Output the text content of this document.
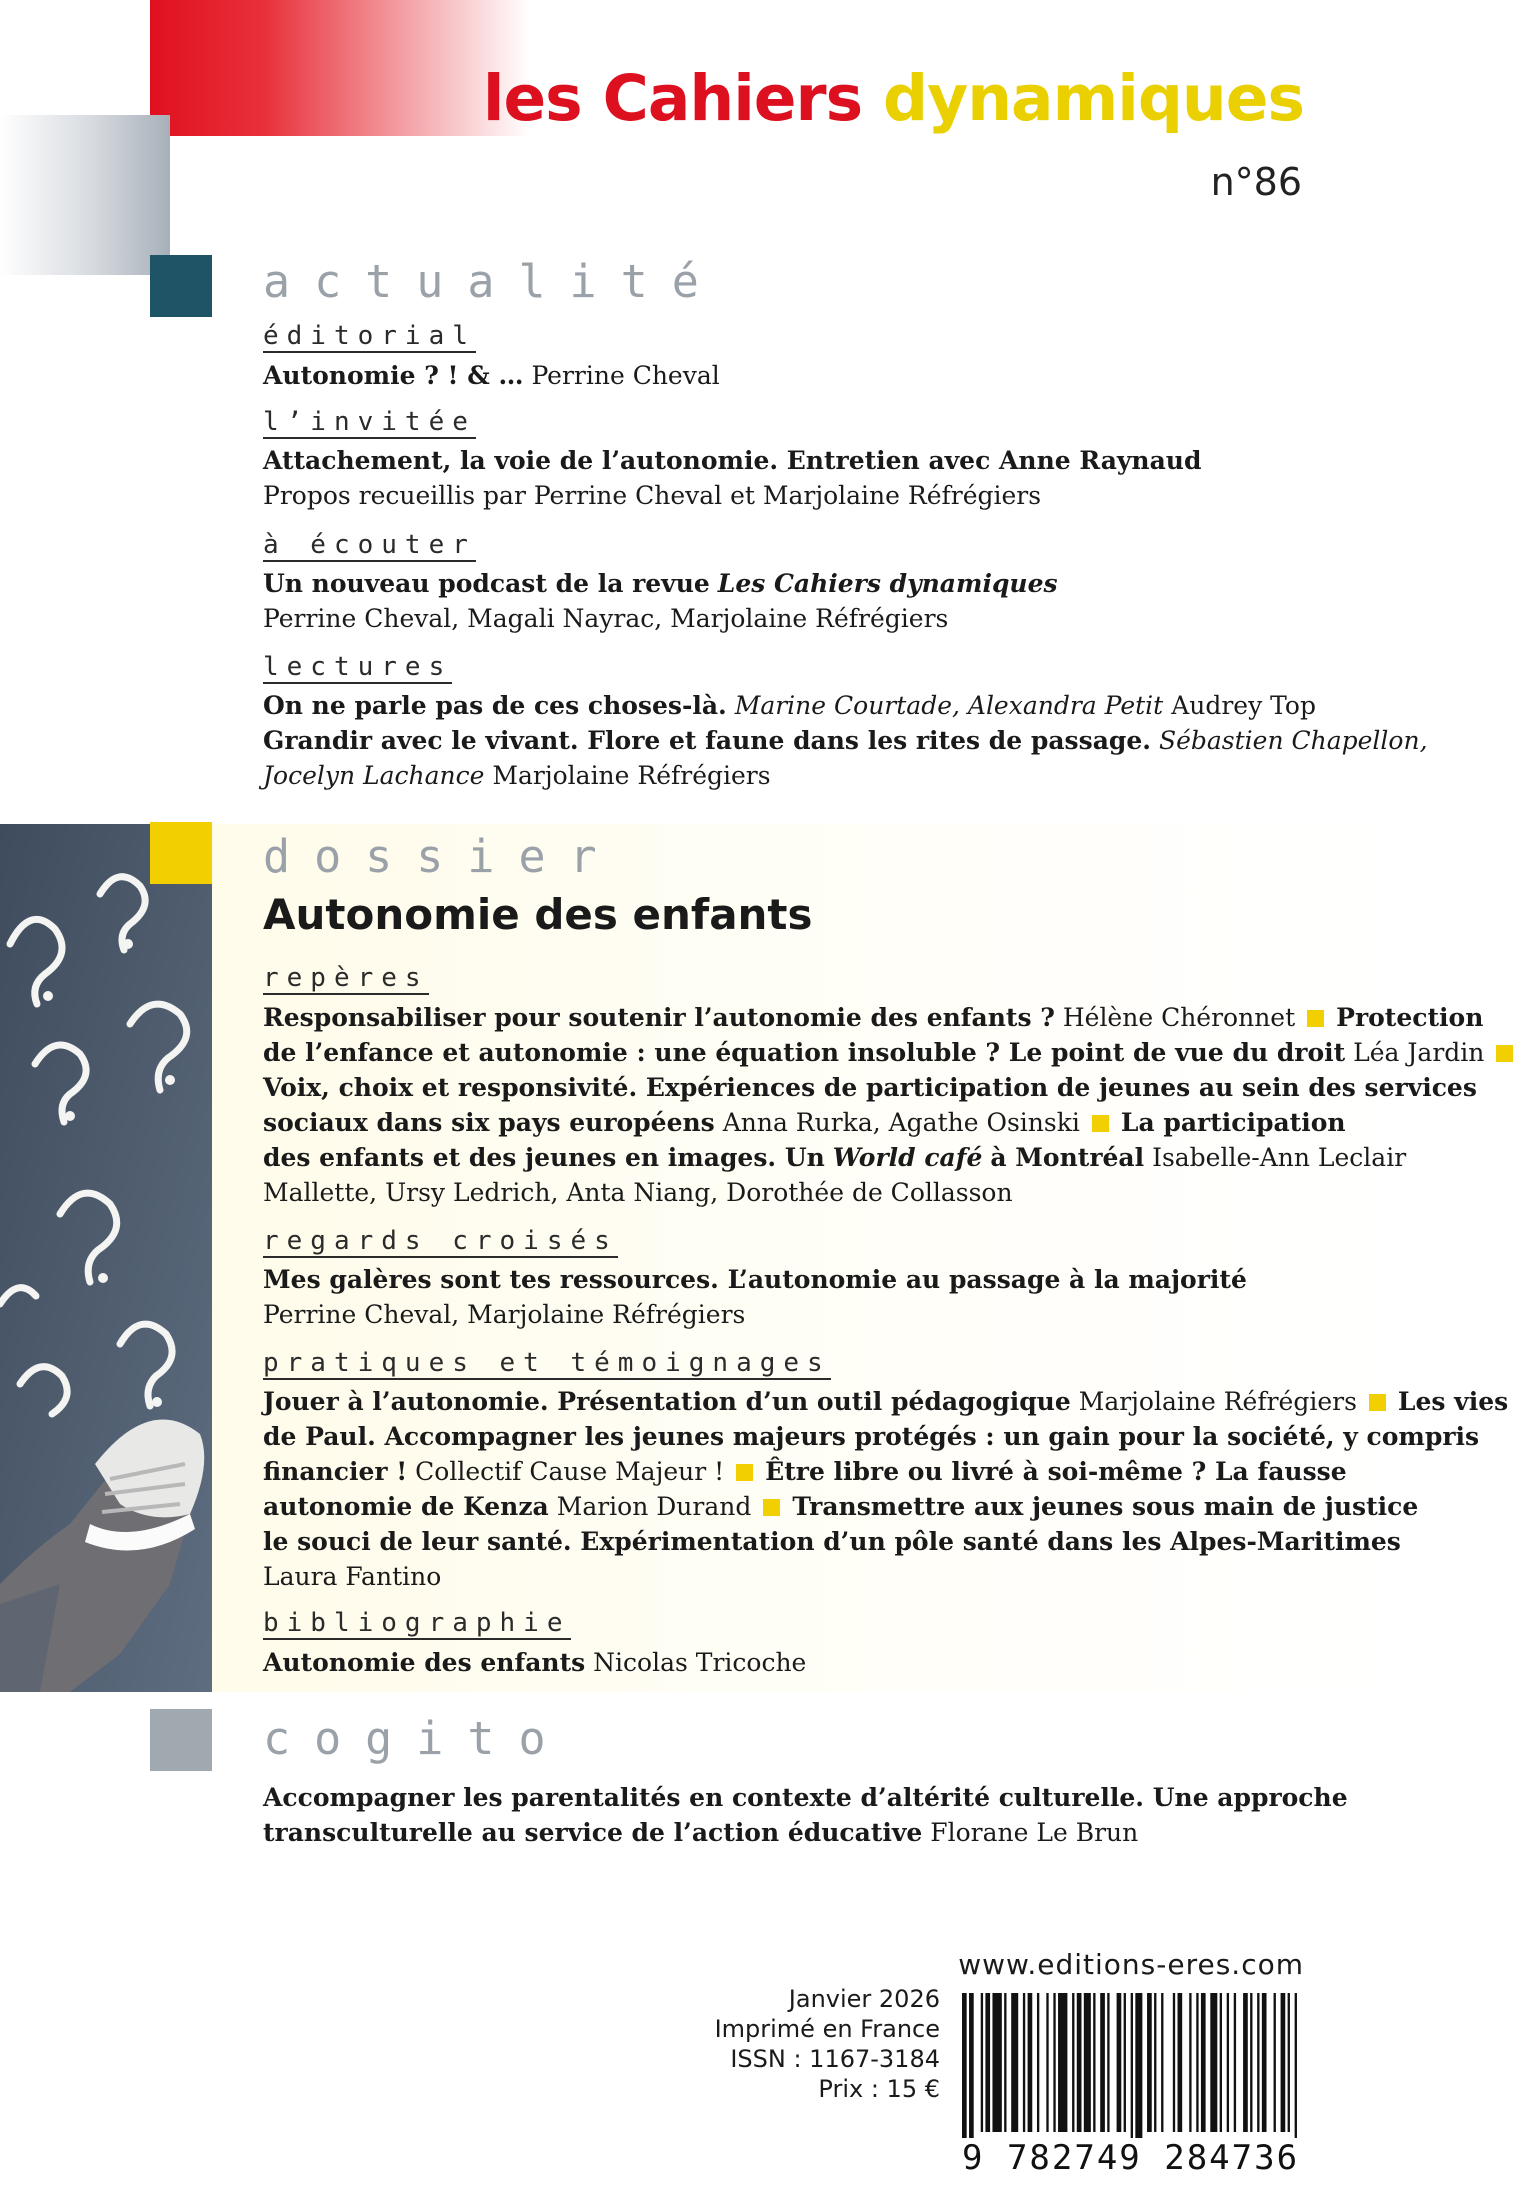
les Cahiers dynamiques
n°86
actualité
éditorial
Autonomie ? ! & … Perrine Cheval
l’invitée
Attachement, la voie de l’autonomie. Entretien avec Anne Raynaud
Propos recueillis par Perrine Cheval et Marjolaine Réfrégiers
à écouter
Un nouveau podcast de la revue Les Cahiers dynamiques
Perrine Cheval, Magali Nayrac, Marjolaine Réfrégiers
lectures
On ne parle pas de ces choses-là. Marine Courtade, Alexandra Petit Audrey Top
Grandir avec le vivant. Flore et faune dans les rites de passage. Sébastien Chapellon,
Jocelyn Lachance Marjolaine Réfrégiers
dossier
Autonomie des enfants
repères
Responsabiliser pour soutenir l’autonomie des enfants ? Hélène Chéronnet Protection
de l’enfance et autonomie : une équation insoluble ? Le point de vue du droit Léa Jardin
Voix, choix et responsivité. Expériences de participation de jeunes au sein des services
sociaux dans six pays européens Anna Rurka, Agathe Osinski La participation
des enfants et des jeunes en images. Un World café à Montréal Isabelle-Ann Leclair
Mallette, Ursy Ledrich, Anta Niang, Dorothée de Collasson
regards croisés
Mes galères sont tes ressources. L’autonomie au passage à la majorité
Perrine Cheval, Marjolaine Réfrégiers
pratiques et témoignages
Jouer à l’autonomie. Présentation d’un outil pédagogique Marjolaine Réfrégiers Les vies
de Paul. Accompagner les jeunes majeurs protégés : un gain pour la société, y compris
financier ! Collectif Cause Majeur ! Être libre ou livré à soi-même ? La fausse
autonomie de Kenza Marion Durand Transmettre aux jeunes sous main de justice
le souci de leur santé. Expérimentation d’un pôle santé dans les Alpes-Maritimes
Laura Fantino
bibliographie
Autonomie des enfants Nicolas Tricoche
cogito
Accompagner les parentalités en contexte d’altérité culturelle. Une approche
transculturelle au service de l’action éducative Florane Le Brun
www.editions-eres.com
Janvier 2026
Imprimé en France
ISSN : 1167-3184
Prix : 15 €
9 782749 284736
